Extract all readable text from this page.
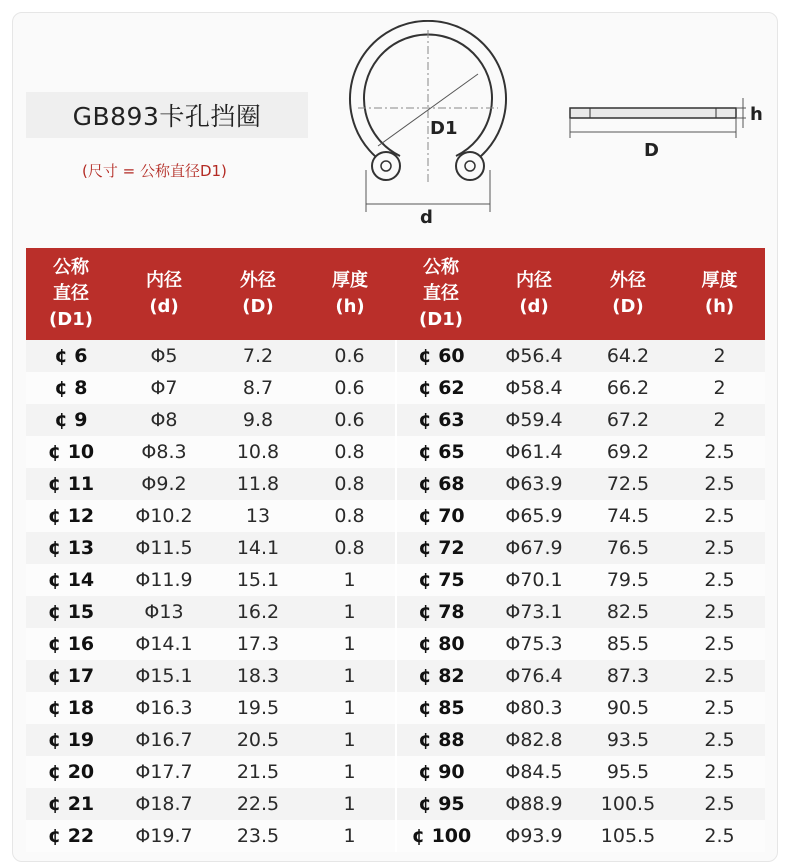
GB893卡孔挡圈
(尺寸 = 公称直径D1)
D1
d
D
h
公称
直径
(D1)	内径
(d)	外径
(D)	厚度
(h)	公称
直径
(D1)	内径
(d)	外径
(D)	厚度
(h)
¢ 6	Φ5	7.2	0.6	¢ 60	Φ56.4	64.2	2
¢ 8	Φ7	8.7	0.6	¢ 62	Φ58.4	66.2	2
¢ 9	Φ8	9.8	0.6	¢ 63	Φ59.4	67.2	2
¢ 10	Φ8.3	10.8	0.8	¢ 65	Φ61.4	69.2	2.5
¢ 11	Φ9.2	11.8	0.8	¢ 68	Φ63.9	72.5	2.5
¢ 12	Φ10.2	13	0.8	¢ 70	Φ65.9	74.5	2.5
¢ 13	Φ11.5	14.1	0.8	¢ 72	Φ67.9	76.5	2.5
¢ 14	Φ11.9	15.1	1	¢ 75	Φ70.1	79.5	2.5
¢ 15	Φ13	16.2	1	¢ 78	Φ73.1	82.5	2.5
¢ 16	Φ14.1	17.3	1	¢ 80	Φ75.3	85.5	2.5
¢ 17	Φ15.1	18.3	1	¢ 82	Φ76.4	87.3	2.5
¢ 18	Φ16.3	19.5	1	¢ 85	Φ80.3	90.5	2.5
¢ 19	Φ16.7	20.5	1	¢ 88	Φ82.8	93.5	2.5
¢ 20	Φ17.7	21.5	1	¢ 90	Φ84.5	95.5	2.5
¢ 21	Φ18.7	22.5	1	¢ 95	Φ88.9	100.5	2.5
¢ 22	Φ19.7	23.5	1	¢ 100	Φ93.9	105.5	2.5
